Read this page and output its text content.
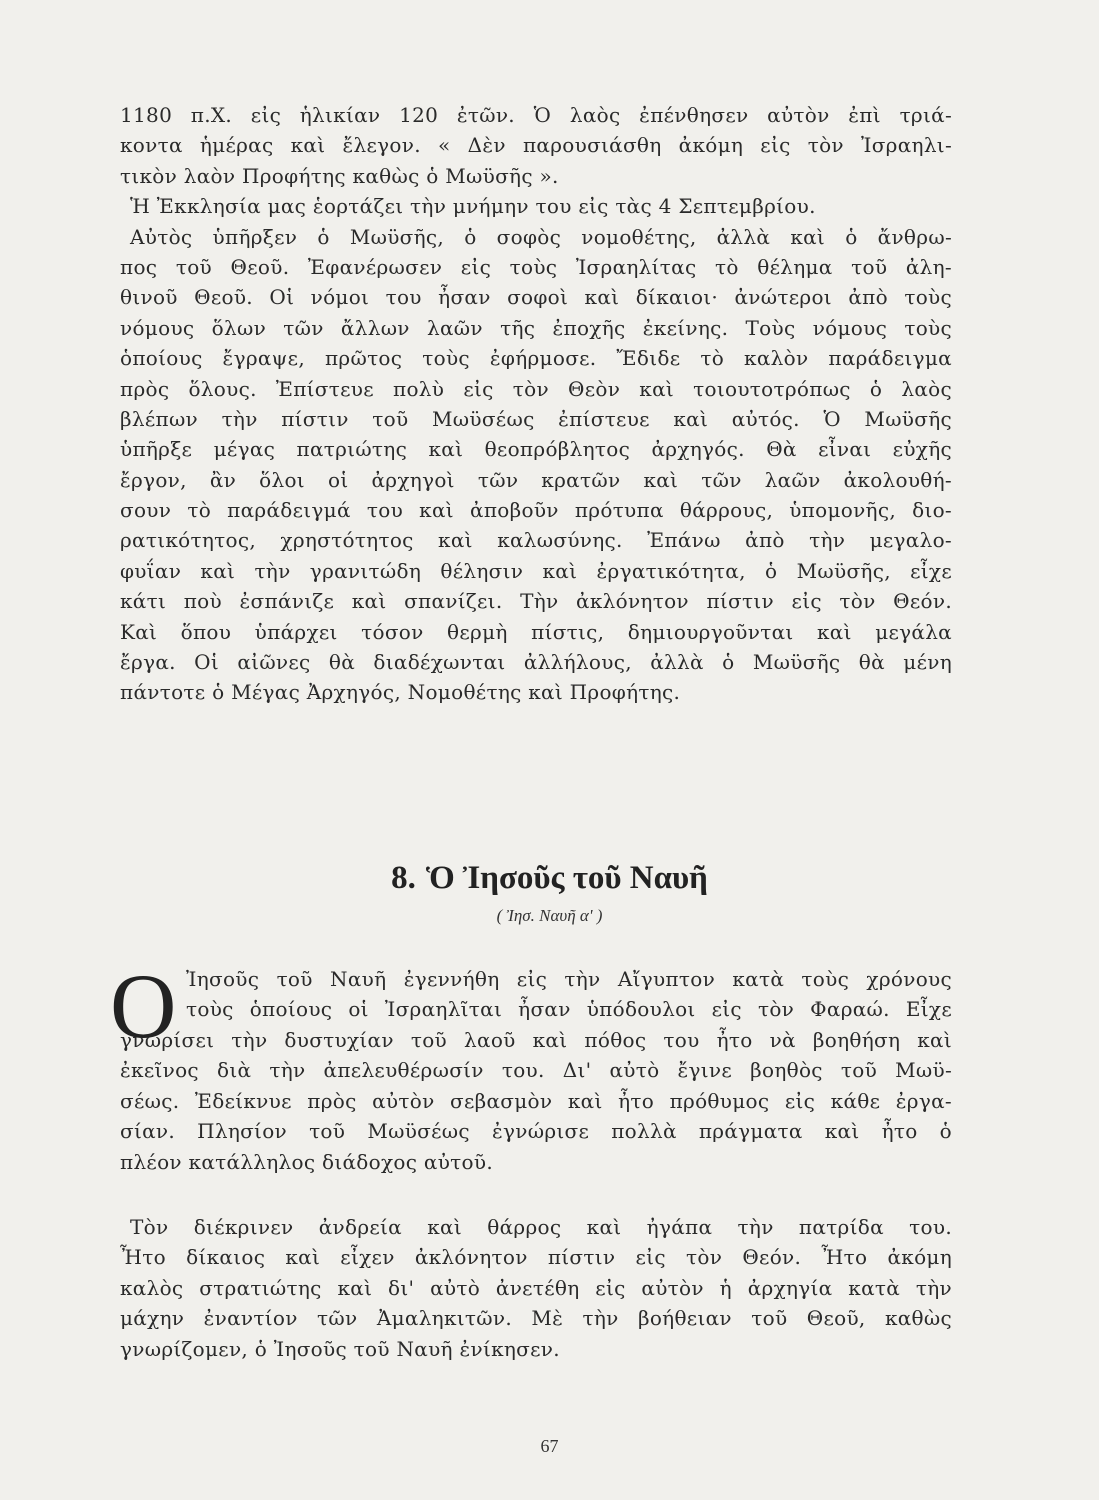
1180 π.Χ. εἰς ἡλικίαν 120 ἐτῶν. Ὁ λαὸς ἐπένθησεν αὐτὸν ἐπὶ τριά-
κοντα ἡμέρας καὶ ἔλεγον. « Δὲν παρουσιάσθη ἀκόμη εἰς τὸν Ἰσραηλι-
τικὸν λαὸν Προφήτης καθὼς ὁ Μωϋσῆς ».
Ἡ Ἐκκλησία μας ἑορτάζει τὴν μνήμην του εἰς τὰς 4 Σεπτεμβρίου.
Αὐτὸς ὑπῆρξεν ὁ Μωϋσῆς, ὁ σοφὸς νομοθέτης, ἀλλὰ καὶ ὁ ἄνθρω-
πος τοῦ Θεοῦ. Ἐφανέρωσεν εἰς τοὺς Ἰσραηλίτας τὸ θέλημα τοῦ ἀλη-
θινοῦ Θεοῦ. Οἱ νόμοι του ἦσαν σοφοὶ καὶ δίκαιοι· ἀνώτεροι ἀπὸ τοὺς
νόμους ὅλων τῶν ἄλλων λαῶν τῆς ἐποχῆς ἐκείνης. Τοὺς νόμους τοὺς
ὁποίους ἔγραψε, πρῶτος τοὺς ἐφήρμοσε. Ἔδιδε τὸ καλὸν παράδειγμα
πρὸς ὅλους. Ἐπίστευε πολὺ εἰς τὸν Θεὸν καὶ τοιουτοτρόπως ὁ λαὸς
βλέπων τὴν πίστιν τοῦ Μωϋσέως ἐπίστευε καὶ αὐτός. Ὁ Μωϋσῆς
ὑπῆρξε μέγας πατριώτης καὶ θεοπρόβλητος ἀρχηγός. Θὰ εἶναι εὐχῆς
ἔργον, ἂν ὅλοι οἱ ἀρχηγοὶ τῶν κρατῶν καὶ τῶν λαῶν ἀκολουθή-
σουν τὸ παράδειγμά του καὶ ἀποβοῦν πρότυπα θάρρους, ὑπομονῆς, διο-
ρατικότητος, χρηστότητος καὶ καλωσύνης. Ἐπάνω ἀπὸ τὴν μεγαλο-
φυΐαν καὶ τὴν γρανιτώδη θέλησιν καὶ ἐργατικότητα, ὁ Μωϋσῆς, εἶχε
κάτι ποὺ ἐσπάνιζε καὶ σπανίζει. Τὴν ἀκλόνητον πίστιν εἰς τὸν Θεόν.
Καὶ ὅπου ὑπάρχει τόσον θερμὴ πίστις, δημιουργοῦνται καὶ μεγάλα
ἔργα. Οἱ αἰῶνες θὰ διαδέχωνται ἀλλήλους, ἀλλὰ ὁ Μωϋσῆς θὰ μένη
πάντοτε ὁ Μέγας Ἀρχηγός, Νομοθέτης καὶ Προφήτης.
8. Ὁ Ἰησοῦς τοῦ Ναυῆ
( Ἰησ. Ναυῆ α' )
Ο Ἰησοῦς τοῦ Ναυῆ ἐγεννήθη εἰς τὴν Αἴγυπτον κατὰ τοὺς χρόνους
τοὺς ὁποίους οἱ Ἰσραηλῖται ἦσαν ὑπόδουλοι εἰς τὸν Φαραώ. Εἶχε
γνωρίσει τὴν δυστυχίαν τοῦ λαοῦ καὶ πόθος του ἦτο νὰ βοηθήση καὶ
ἐκεῖνος διὰ τὴν ἀπελευθέρωσίν του. Δι' αὐτὸ ἔγινε βοηθὸς τοῦ Μωϋ-
σέως. Ἐδείκνυε πρὸς αὐτὸν σεβασμὸν καὶ ἦτο πρόθυμος εἰς κάθε ἐργα-
σίαν. Πλησίον τοῦ Μωϋσέως ἐγνώρισε πολλὰ πράγματα καὶ ἦτο ὁ
πλέον κατάλληλος διάδοχος αὐτοῦ.
Τὸν διέκρινεν ἀνδρεία καὶ θάρρος καὶ ἠγάπα τὴν πατρίδα του.
Ἦτο δίκαιος καὶ εἶχεν ἀκλόνητον πίστιν εἰς τὸν Θεόν. Ἦτο ἀκόμη
καλὸς στρατιώτης καὶ δι' αὐτὸ ἀνετέθη εἰς αὐτὸν ἡ ἀρχηγία κατὰ τὴν
μάχην ἐναντίον τῶν Ἀμαληκιτῶν. Μὲ τὴν βοήθειαν τοῦ Θεοῦ, καθὼς
γνωρίζομεν, ὁ Ἰησοῦς τοῦ Ναυῆ ἐνίκησεν.
67
